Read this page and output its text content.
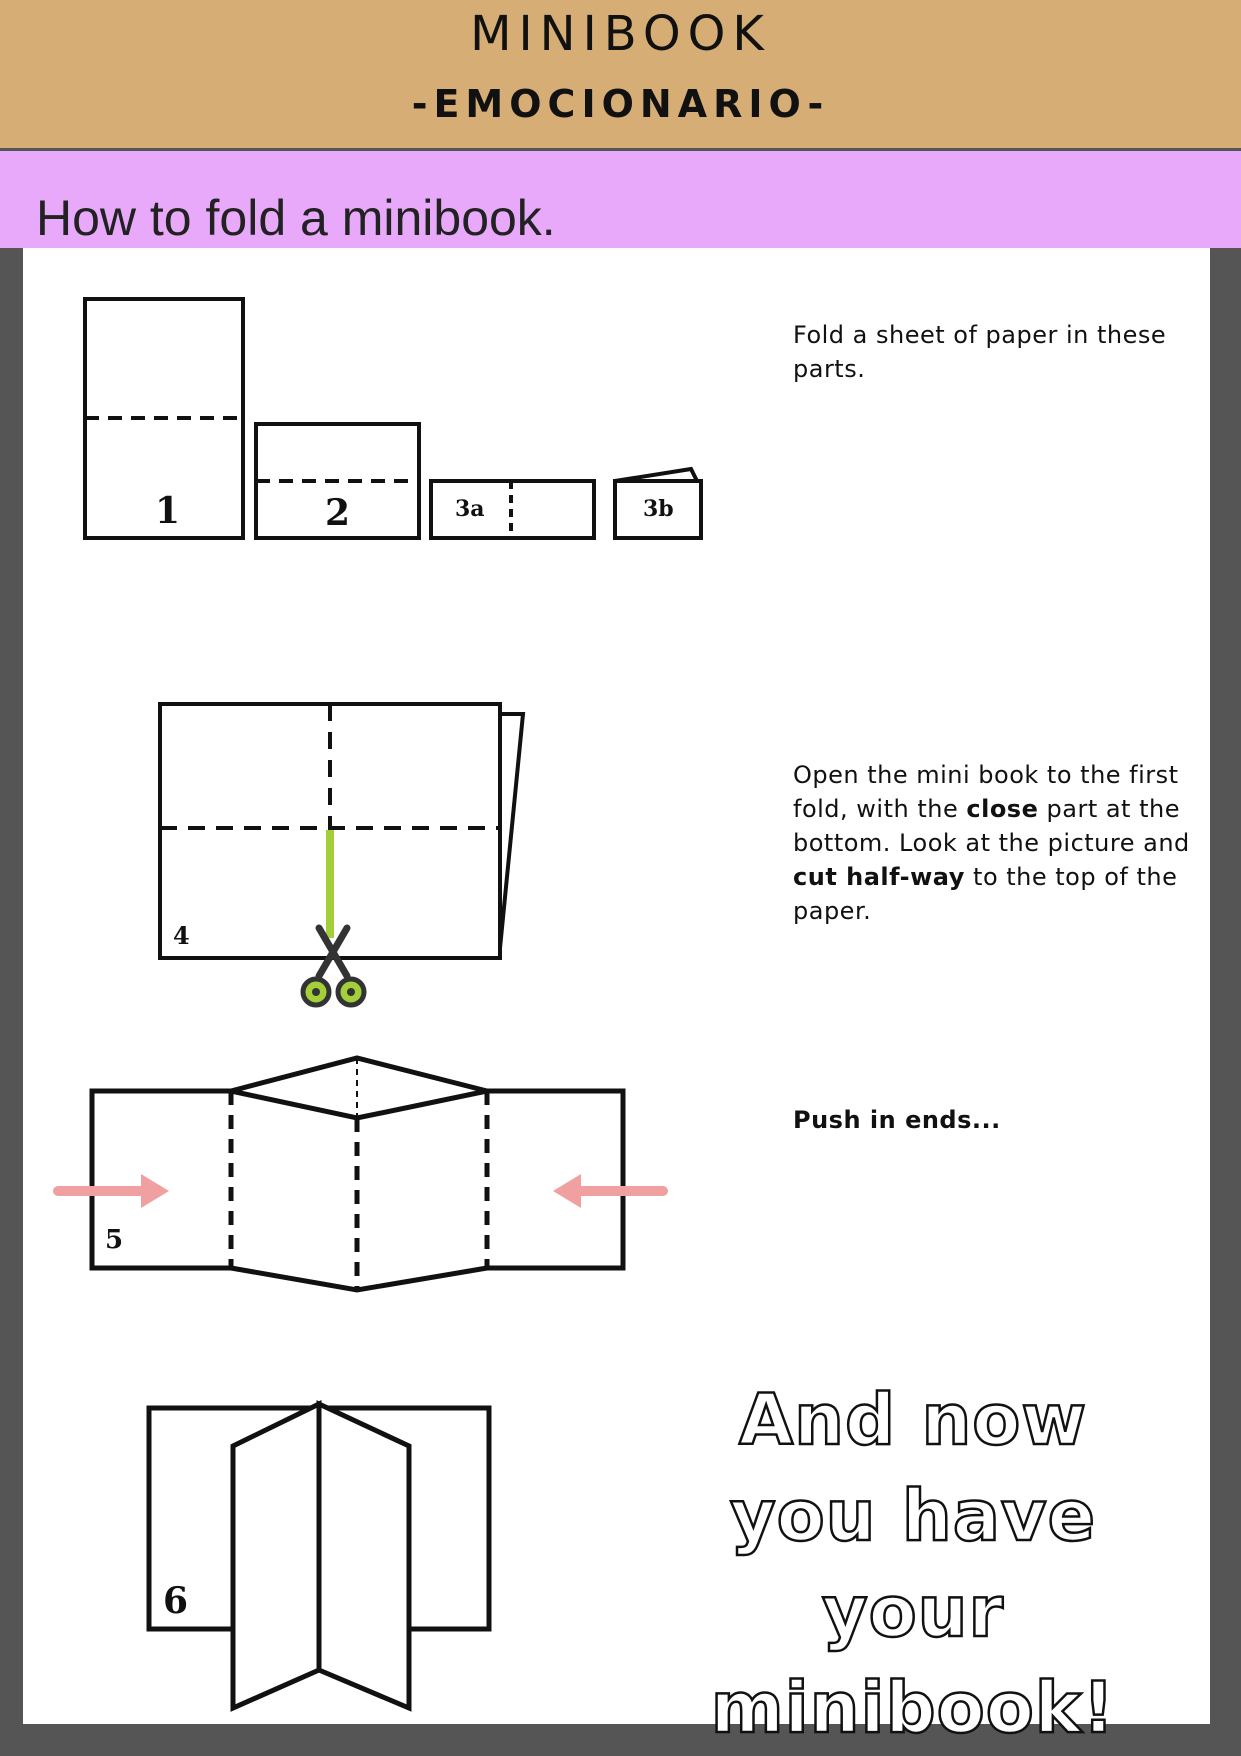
MINIBOOK
-EMOCIONARIO-
How to fold a minibook.
1	2	3a	3b
4
5
6
Fold a sheet of paper in these parts.
Open the mini book to the first fold, with the close part at the bottom. Look at the picture and cut half-way to the top of the paper.
Push in ends...
And now you have your minibook!
